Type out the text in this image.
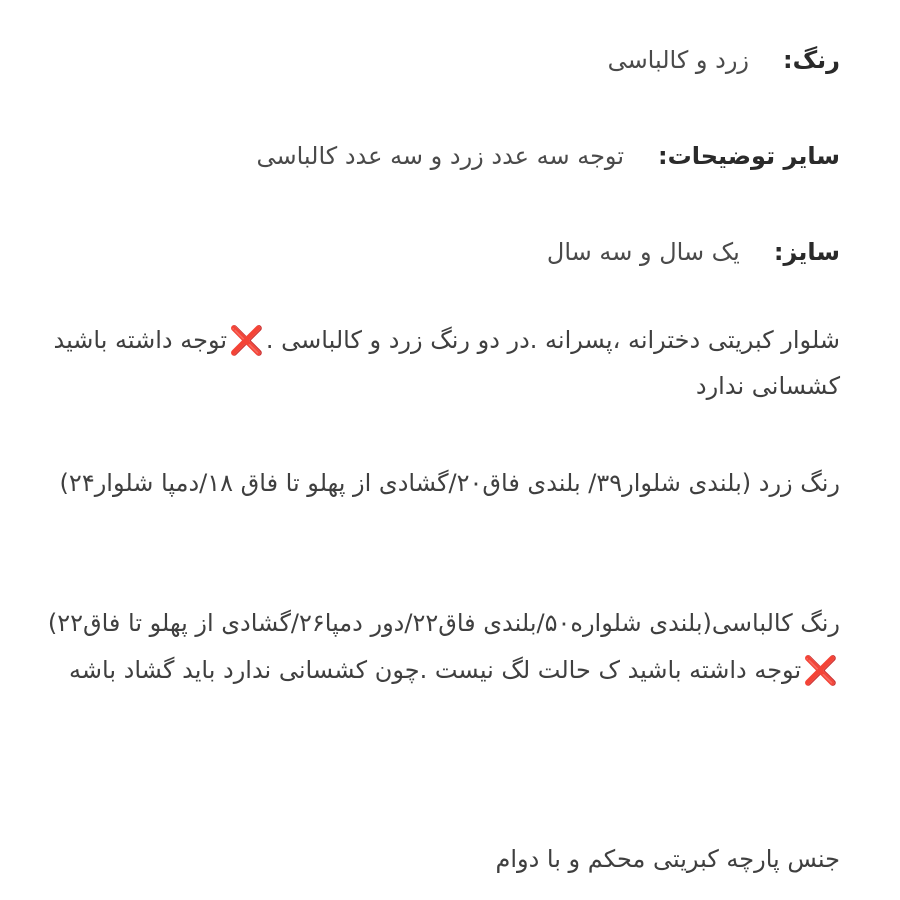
رنگ:
زرد و کالباسی
سایر توضیحات:
توجه سه عدد زرد و سه عدد کالباسی
سایز:
یک سال و سه سال
شلوار کبریتی دخترانه ،پسرانه .در دو رنگ زرد و کالباسی .❌توجه داشته باشید کشسانی ندارد
رنگ زرد (بلندی شلوار۳۹/ بلندی فاق۲۰/گشادی از پهلو تا فاق ۱۸/دمپا شلوار۲۴)
رنگ کالباسی(بلندی شلواره۵۰/بلندی فاق۲۲/دور دمپا۲۶/گشادی از پهلو تا فاق۲۲)
❌توجه داشته باشید ک حالت لگ نیست .چون کشسانی ندارد باید گشاد باشه
جنس پارچه کبریتی محکم و با دوام
